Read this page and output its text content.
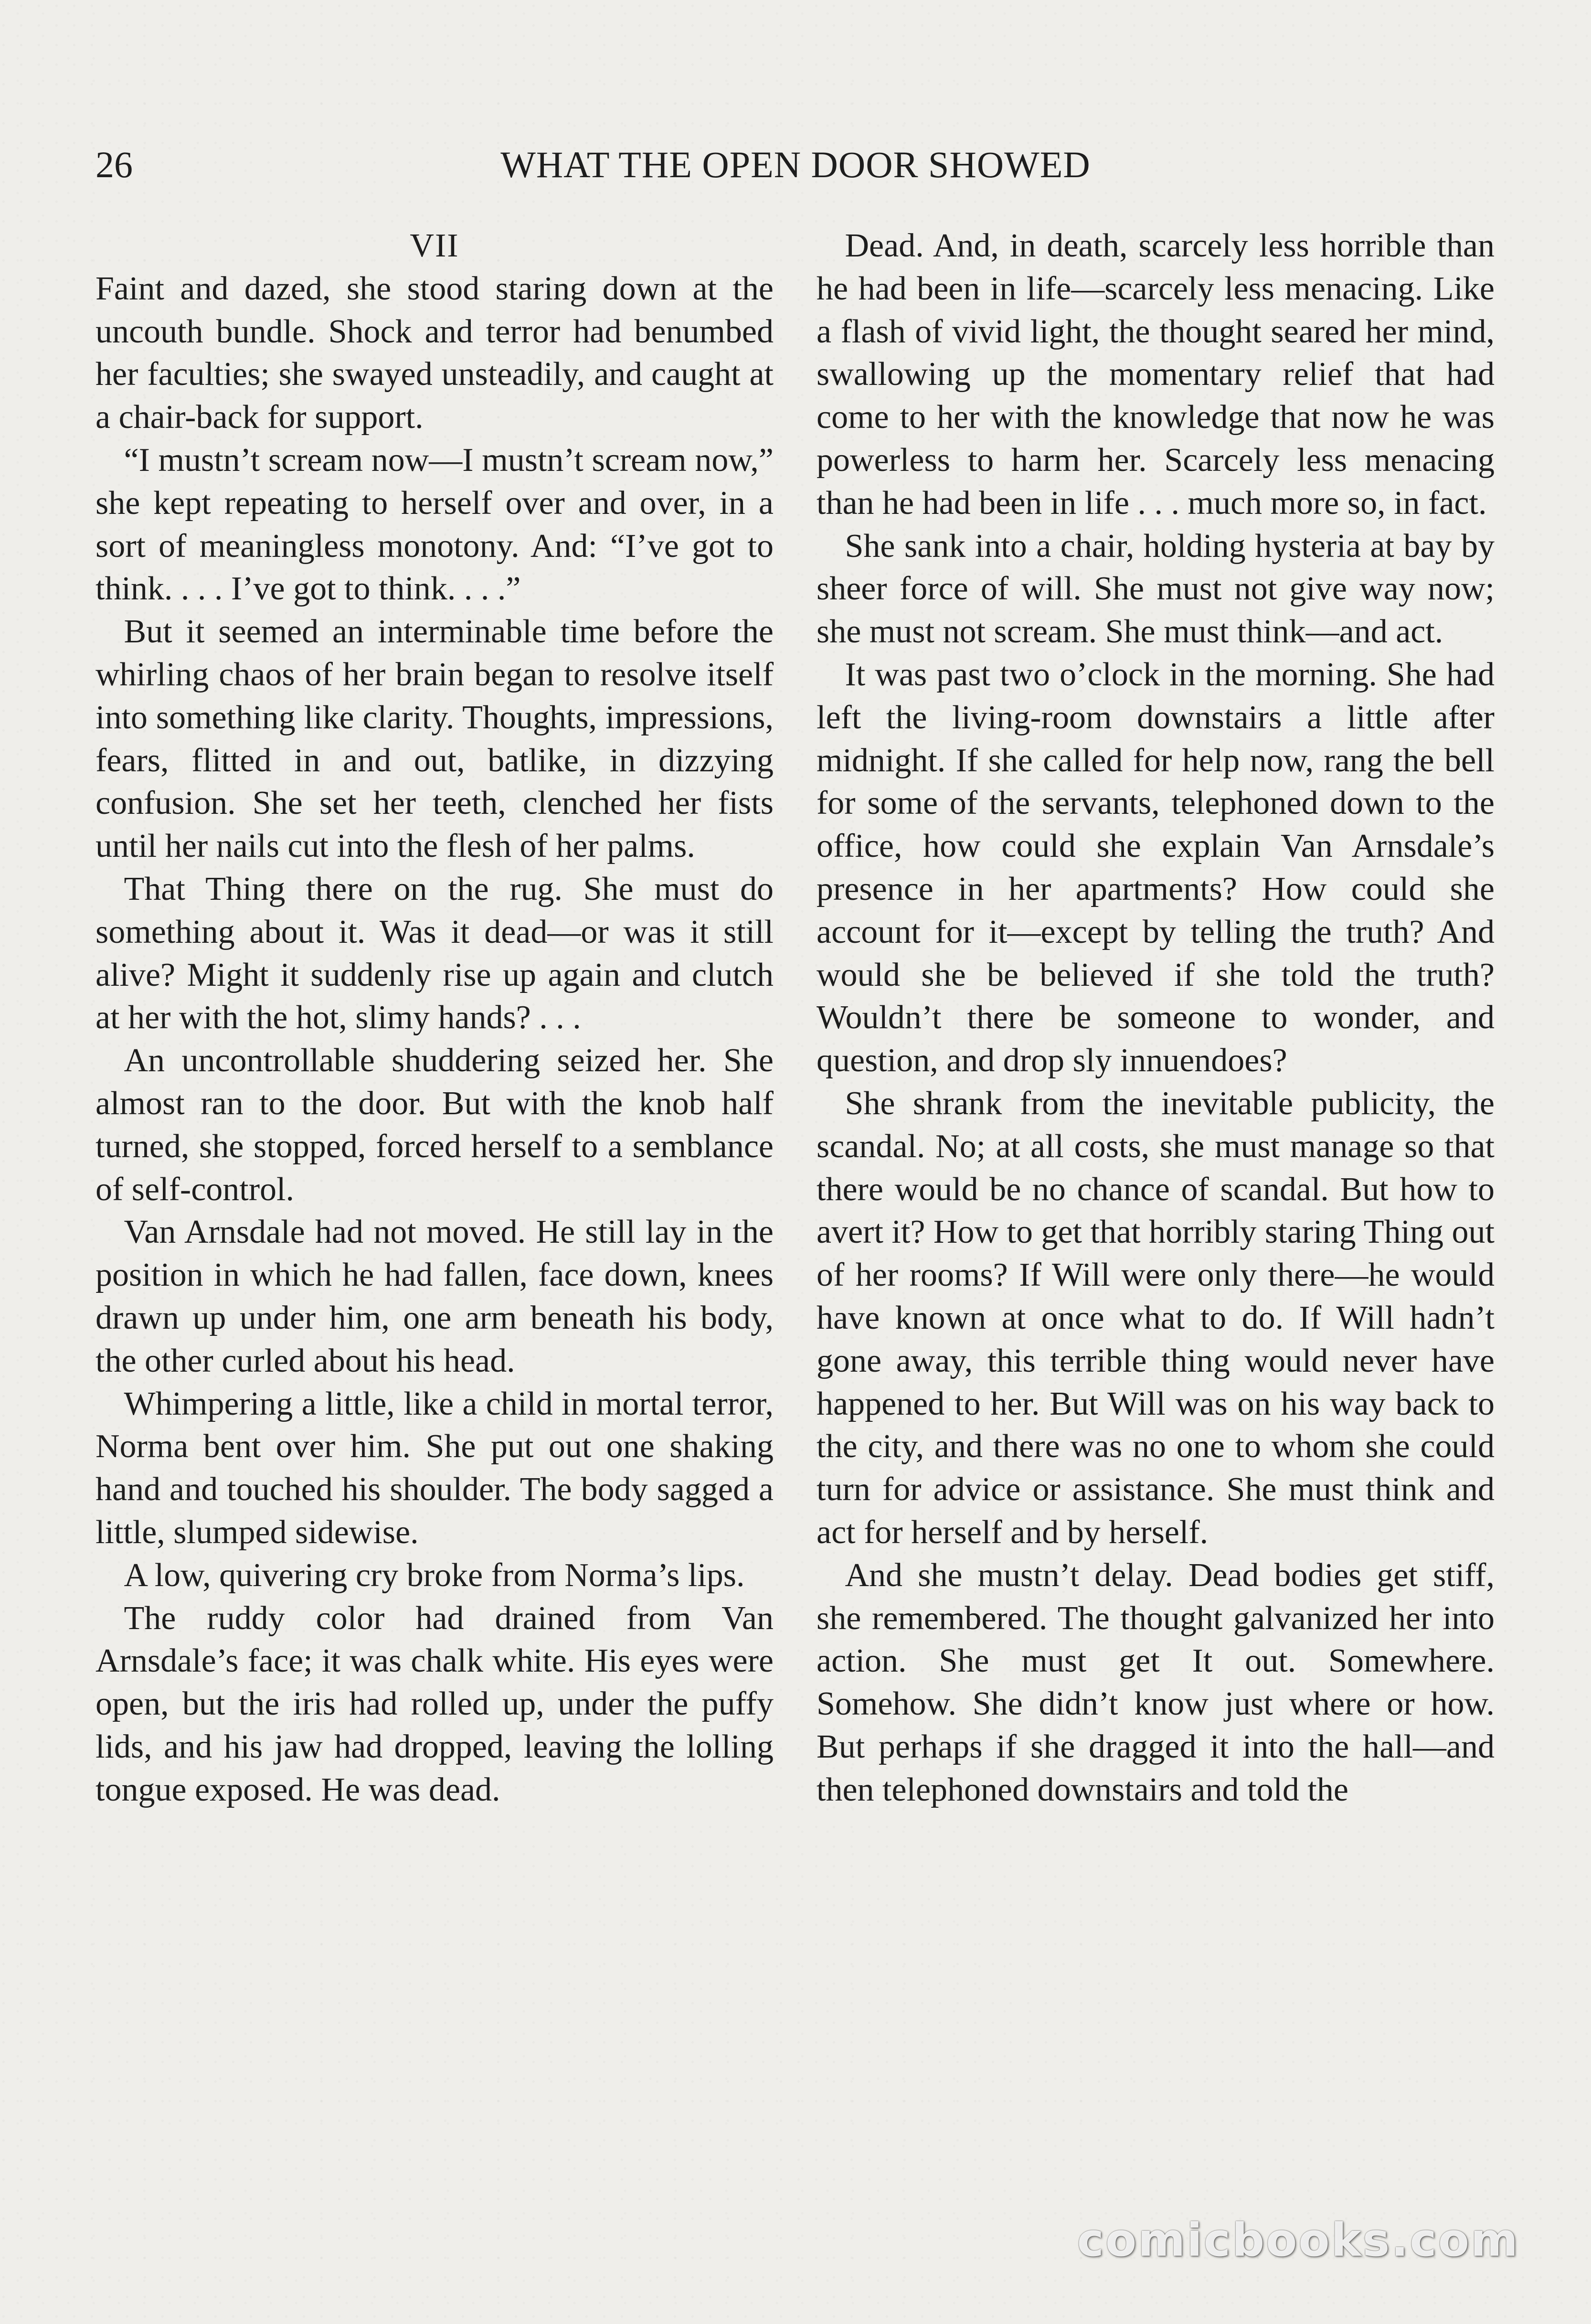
26	WHAT THE OPEN DOOR SHOWED
VII

Faint and dazed, she stood staring down at the uncouth bundle. Shock and terror had benumbed her faculties; she swayed unsteadily, and caught at a chair-back for support.

“I mustn’t scream now—I mustn’t scream now,” she kept repeating to herself over and over, in a sort of meaningless monotony. And: “I’ve got to think. . . . I’ve got to think. . . .”

But it seemed an interminable time before the whirling chaos of her brain began to resolve itself into something like clarity. Thoughts, impressions, fears, flitted in and out, batlike, in dizzying confusion. She set her teeth, clenched her fists until her nails cut into the flesh of her palms.

That Thing there on the rug. She must do something about it. Was it dead—or was it still alive? Might it suddenly rise up again and clutch at her with the hot, slimy hands? . . .

An uncontrollable shuddering seized her. She almost ran to the door. But with the knob half turned, she stopped, forced herself to a semblance of self-control.

Van Arnsdale had not moved. He still lay in the position in which he had fallen, face down, knees drawn up under him, one arm beneath his body, the other curled about his head.

Whimpering a little, like a child in mortal terror, Norma bent over him. She put out one shaking hand and touched his shoulder. The body sagged a little, slumped sidewise.

A low, quivering cry broke from Norma’s lips.

The ruddy color had drained from Van Arnsdale’s face; it was chalk white. His eyes were open, but the iris had rolled up, under the puffy lids, and his jaw had dropped, leaving the lolling tongue exposed. He was dead.

Dead. And, in death, scarcely less horrible than he had been in life—scarcely less menacing. Like a flash of vivid light, the thought seared her mind, swallowing up the momentary relief that had come to her with the knowledge that now he was powerless to harm her. Scarcely less menacing than he had been in life . . . much more so, in fact.

She sank into a chair, holding hysteria at bay by sheer force of will. She must not give way now; she must not scream. She must think—and act.

It was past two o’clock in the morning. She had left the living-room downstairs a little after midnight. If she called for help now, rang the bell for some of the servants, telephoned down to the office, how could she explain Van Arnsdale’s presence in her apartments? How could she account for it—except by telling the truth? And would she be believed if she told the truth? Wouldn’t there be someone to wonder, and question, and drop sly innuendoes?

She shrank from the inevitable publicity, the scandal. No; at all costs, she must manage so that there would be no chance of scandal. But how to avert it? How to get that horribly staring Thing out of her rooms? If Will were only there—he would have known at once what to do. If Will hadn’t gone away, this terrible thing would never have happened to her. But Will was on his way back to the city, and there was no one to whom she could turn for advice or assistance. She must think and act for herself and by herself.

And she mustn’t delay. Dead bodies get stiff, she remembered. The thought galvanized her into action. She must get It out. Somewhere. Somehow. She didn’t know just where or how. But perhaps if she dragged it into the hall—and then telephoned downstairs and told the

comicbooks.com
